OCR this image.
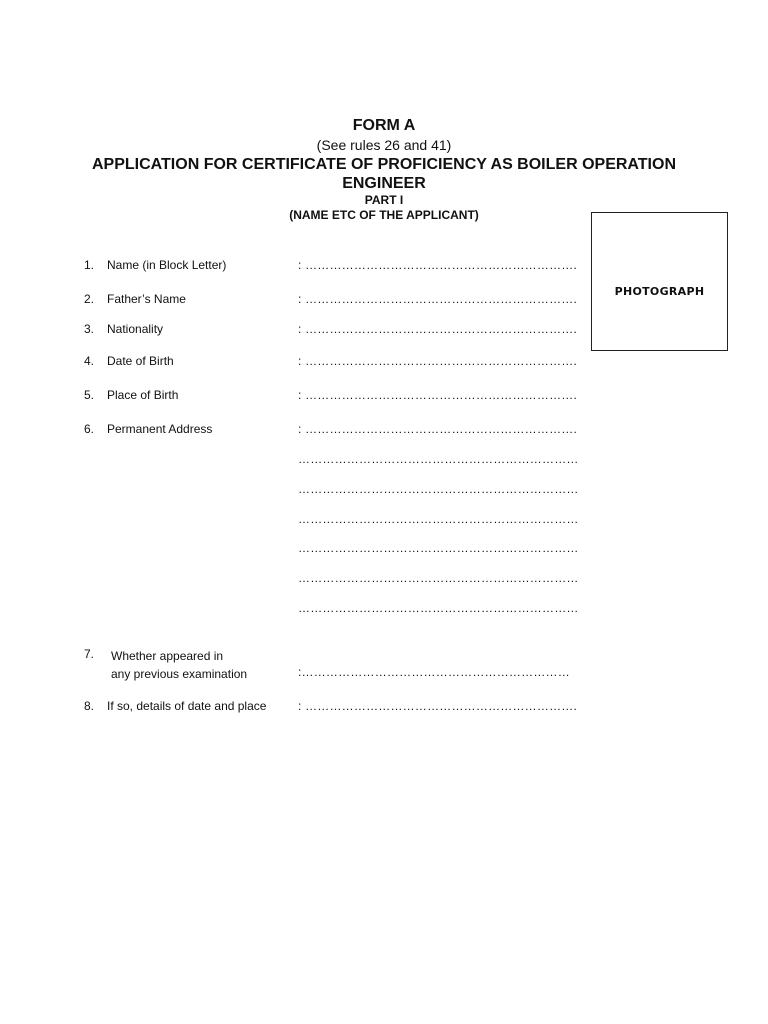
FORM A
(See rules 26 and 41)
APPLICATION FOR CERTIFICATE OF PROFICIENCY AS BOILER OPERATION
ENGINEER
PART I
(NAME ETC OF THE APPLICANT)
PHOTOGRAPH
1. Name (in Block Letter)	: ………………………………………………………….
2. Father’s Name	: ………………………………………………………….
3. Nationality	: ………………………………………………………….
4. Date of Birth	: ………………………………………………………….
5. Place of Birth	: ………………………………………………………….
6. Permanent Address	: ………………………………………………………….
……………………………………………………………
……………………………………………………………
……………………………………………………………
……………………………………………………………
……………………………………………………………
……………………………………………………………
7. Whether appeared in
any previous examination	:…………………………………………………………
8. If so, details of date and place	: ………………………………………………………….
